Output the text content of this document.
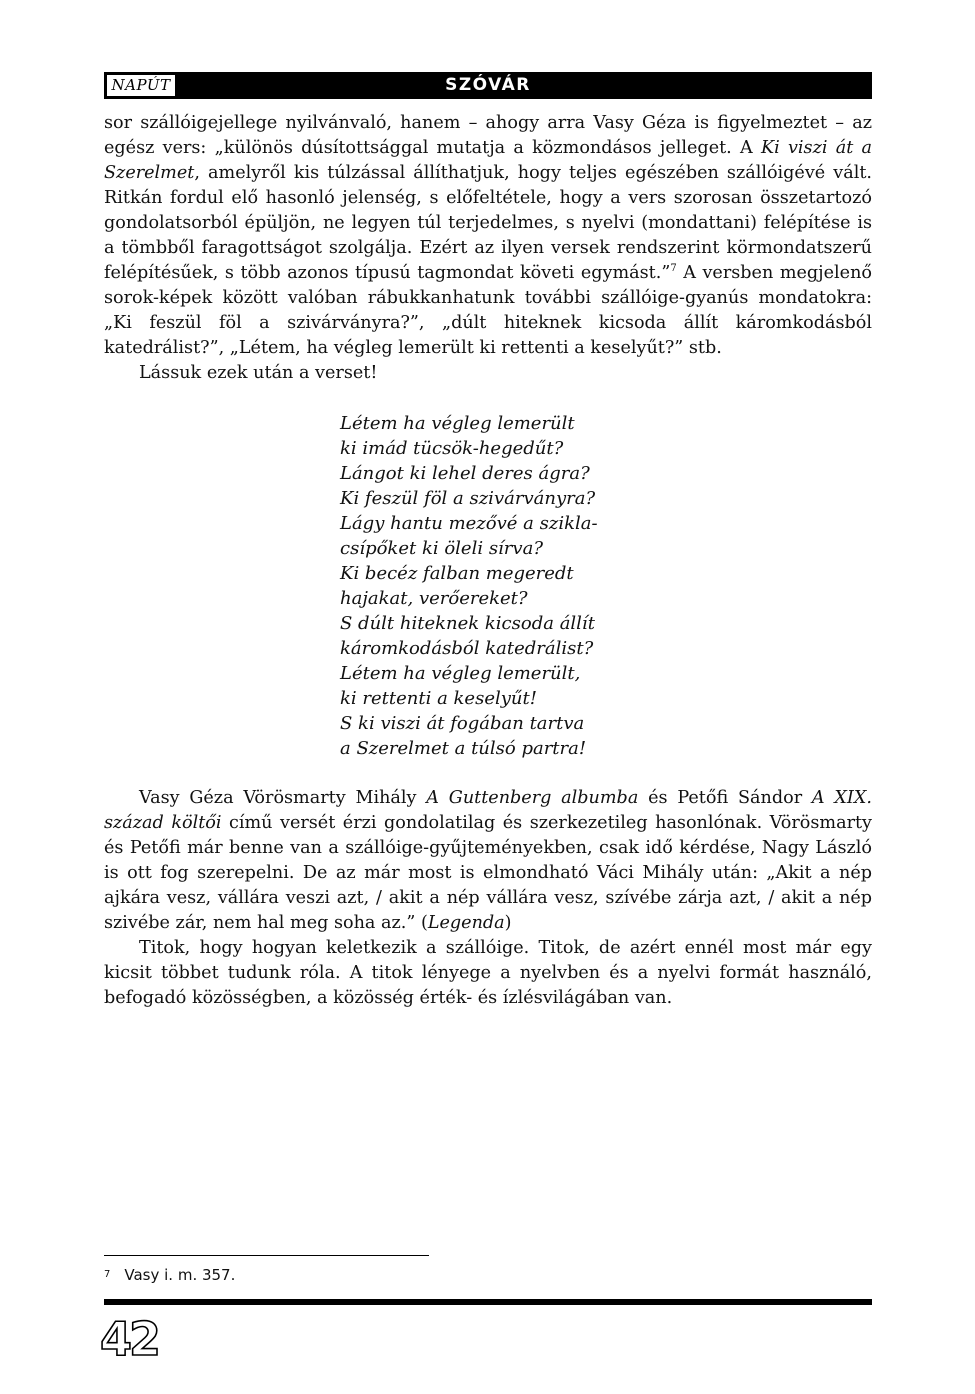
NAPÚT	SZÓVÁR

sor szállóigejellege nyilvánvaló, hanem – ahogy arra Vasy Géza is figyelmeztet – az egész vers: „különös dúsítottsággal mutatja a közmondásos jelleget. A Ki viszi át a Szerelmet, amelyről kis túlzással állíthatjuk, hogy teljes egészében szállóigévé vált. Ritkán fordul elő hasonló jelenség, s előfeltétele, hogy a vers szorosan összetartozó gondolatsorból épüljön, ne legyen túl terjedelmes, s nyelvi (mondattani) felépítése is a tömbből faragottságot szolgálja. Ezért az ilyen versek rendszerint körmondatszerű felépítésűek, s több azonos típusú tagmondat követi egymást.”$^7$ A versben megjelenő sorok-képek között valóban rábukkanhatunk további szállóige-gyanús mondatokra: „Ki feszül föl a szivárványra?”, „dúlt hiteknek kicsoda állít káromkodásból katedrálist?”, „Létem, ha végleg lemerült ki rettenti a keselyűt?” stb.

Lássuk ezek után a verset!

Létem ha végleg lemerült
ki imád tücsök-hegedűt?
Lángot ki lehel deres ágra?
Ki feszül föl a szivárványra?
Lágy hantu mezővé a szikla-
csípőket ki öleli sírva?
Ki becéz falban megeredt
hajakat, verőereket?
S dúlt hiteknek kicsoda állít
káromkodásból katedrálist?
Létem ha végleg lemerült,
ki rettenti a keselyűt!
S ki viszi át fogában tartva
a Szerelmet a túlsó partra!

Vasy Géza Vörösmarty Mihály A Guttenberg albumba és Petőfi Sándor A XIX. század költői című versét érzi gondolatilag és szerkezetileg hasonlónak. Vörösmarty és Petőfi már benne van a szállóige-gyűjteményekben, csak idő kérdése, Nagy László is ott fog szerepelni. De az már most is elmondható Váci Mihály után: „Akit a nép ajkára vesz, vállára veszi azt, / akit a nép vállára vesz, szívébe zárja azt, / akit a nép szivébe zár, nem hal meg soha az.” (Legenda)

Titok, hogy hogyan keletkezik a szállóige. Titok, de azért ennél most már egy kicsit többet tudunk róla. A titok lényege a nyelvben és a nyelvi formát használó, befogadó közösségben, a közösség érték- és ízlésvilágában van.

$^7$ Vasy i. m. 357.
42
